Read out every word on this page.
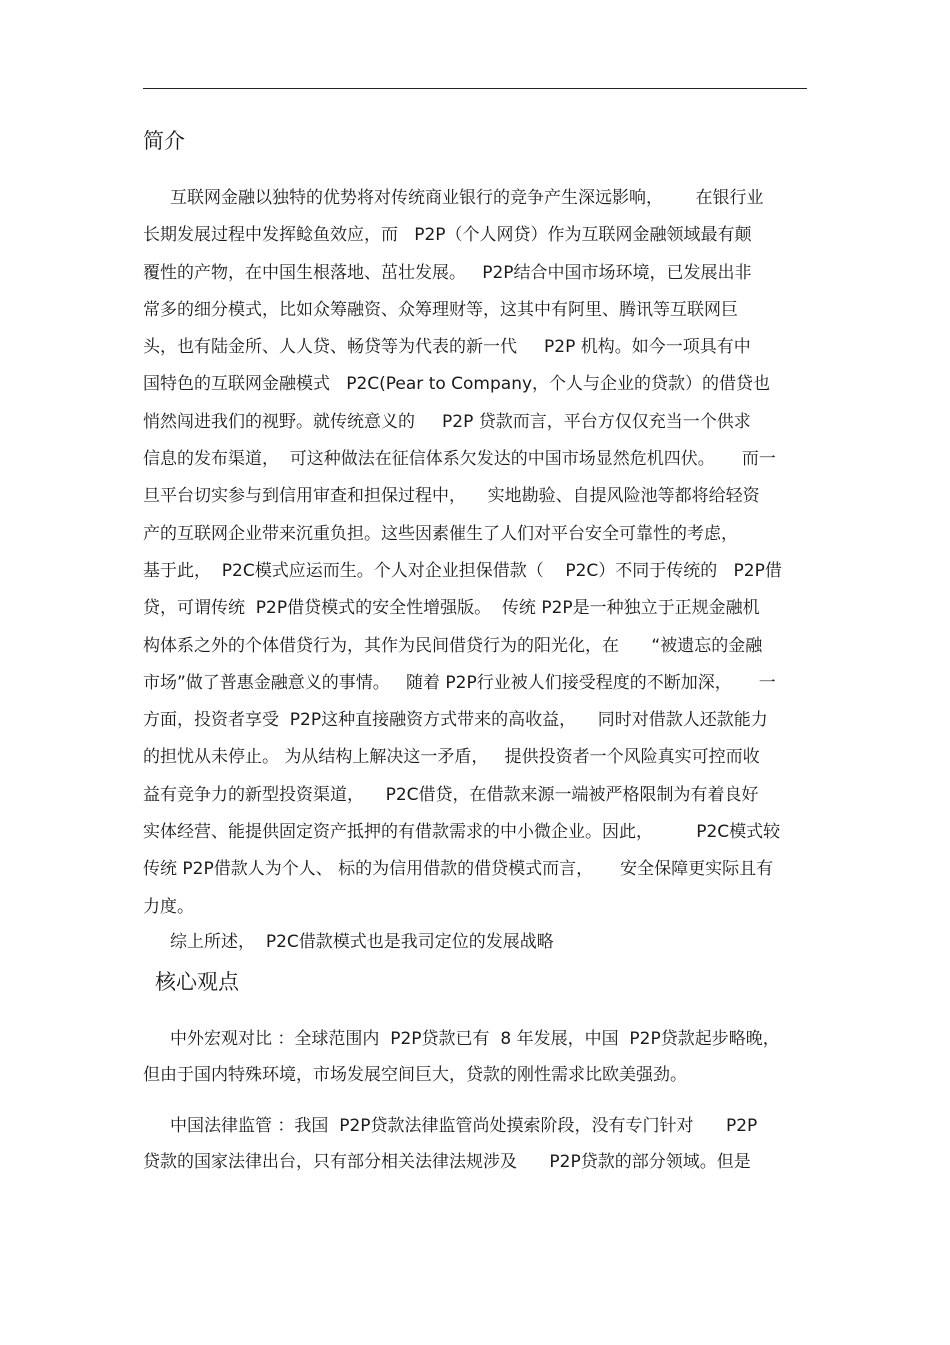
简介
互联网金融以独特的优势将对传统商业银行的竞争产生深远影响，      在银行业
长期发展过程中发挥鲶鱼效应，而   P2P（个人网贷）作为互联网金融领域最有颠
覆性的产物，在中国生根落地、茁壮发展。   P2P结合中国市场环境，已发展出非
常多的细分模式，比如众筹融资、众筹理财等，这其中有阿里、腾讯等互联网巨
头，也有陆金所、人人贷、畅贷等为代表的新一代     P2P 机构。如今一项具有中
国特色的互联网金融模式   P2C(Pear to Company，个人与企业的贷款）的借贷也
悄然闯进我们的视野。就传统意义的     P2P 贷款而言，平台方仅仅充当一个供求
信息的发布渠道，  可这种做法在征信体系欠发达的中国市场显然危机四伏。     而一
旦平台切实参与到信用审查和担保过程中，    实地勘验、自提风险池等都将给轻资
产的互联网企业带来沉重负担。这些因素催生了人们对平台安全可靠性的考虑，
基于此，  P2C模式应运而生。个人对企业担保借款（    P2C）不同于传统的   P2P借
贷，可谓传统  P2P借贷模式的安全性增强版。  传统 P2P是一种独立于正规金融机
构体系之外的个体借贷行为，其作为民间借贷行为的阳光化，在      “被遗忘的金融
市场”做了普惠金融意义的事情。   随着 P2P行业被人们接受程度的不断加深，     一
方面，投资者享受  P2P这种直接融资方式带来的高收益，    同时对借款人还款能力
的担忧从未停止。 为从结构上解决这一矛盾，   提供投资者一个风险真实可控而收
益有竞争力的新型投资渠道，    P2C借贷，在借款来源一端被严格限制为有着良好
实体经营、能提供固定资产抵押的有借款需求的中小微企业。因此，        P2C模式较
传统 P2P借款人为个人、 标的为信用借款的借贷模式而言，     安全保障更实际且有
力度。
综上所述，  P2C借款模式也是我司定位的发展战略
核心观点
中外宏观对比 ：全球范围内  P2P贷款已有  8 年发展，中国  P2P贷款起步略晚，
但由于国内特殊环境，市场发展空间巨大，贷款的刚性需求比欧美强劲。
中国法律监管 ：我国  P2P贷款法律监管尚处摸索阶段，没有专门针对      P2P
贷款的国家法律出台，只有部分相关法律法规涉及      P2P贷款的部分领域。但是
